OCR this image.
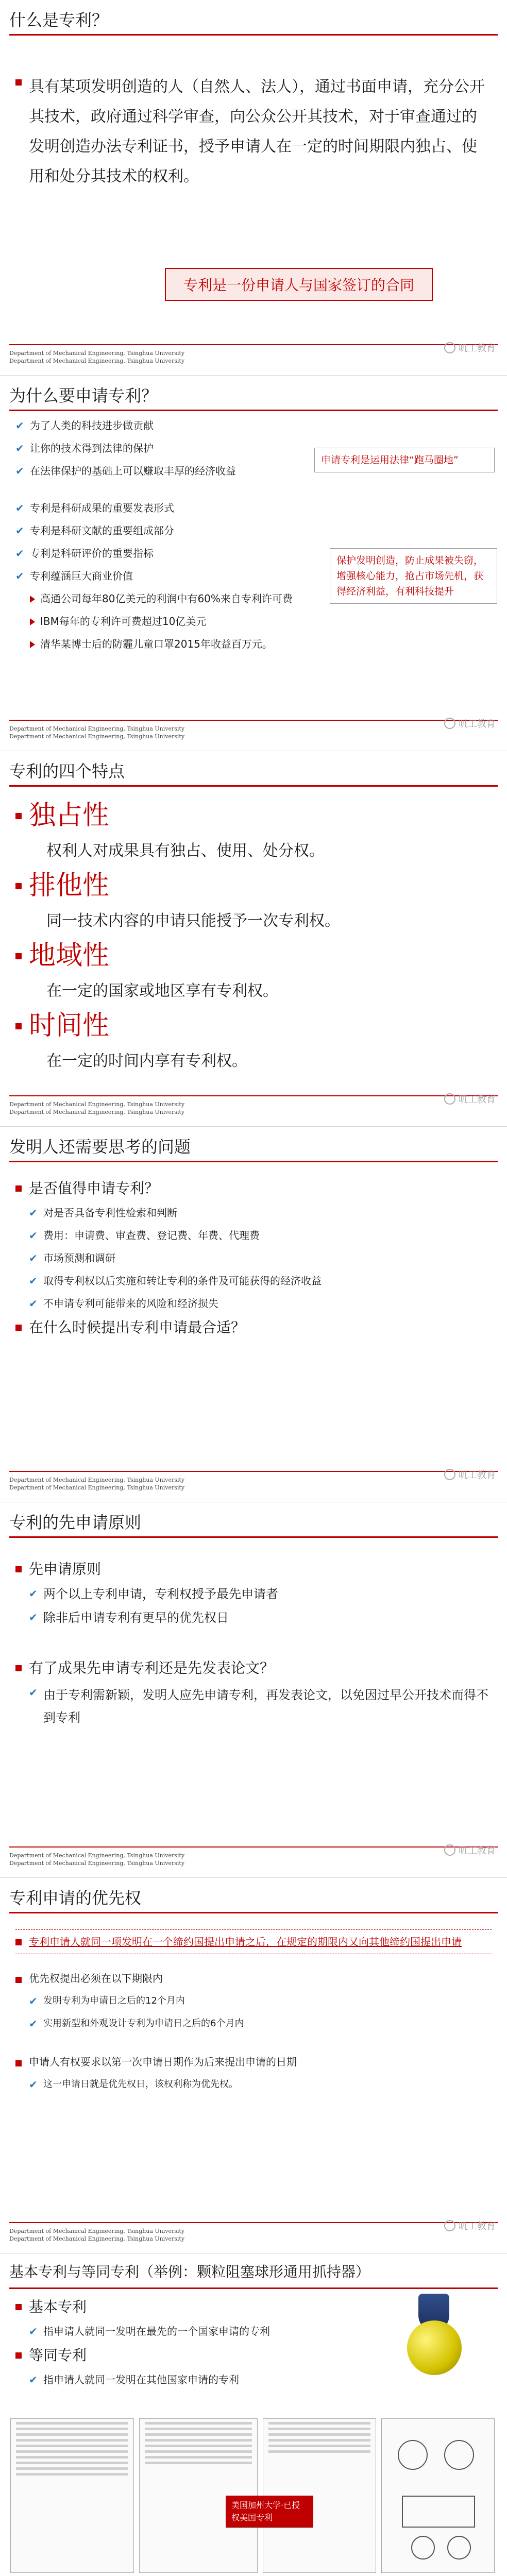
什么是专利？
具有某项发明创造的人（自然人、法人），通过书面申请，充分公开其技术，政府通过科学审查，向公众公开其技术，对于审查通过的发明创造办法专利证书，授予申请人在一定的时间期限内独占、使用和处分其技术的权利。
专利是一份申请人与国家签订的合同
Department of Mechanical Engineering, Tsinghua University
Department of Mechanical Engineering, Tsinghua University
叽工教育
为什么要申请专利？
✔ 为了人类的科技进步做贡献
✔ 让你的技术得到法律的保护
✔ 在法律保护的基础上可以赚取丰厚的经济收益
✔ 专利是科研成果的重要发表形式
✔ 专利是科研文献的重要组成部分
✔ 专利是科研评价的重要指标
✔ 专利蕴涵巨大商业价值
高通公司每年80亿美元的利润中有60%来自专利许可费
IBM每年的专利许可费超过10亿美元
清华某博士后的防霾儿童口罩2015年收益百万元。
申请专利是运用法律“跑马圈地”
保护发明创造，防止成果被失窃，增强核心能力，抢占市场先机，获得经济利益，有利科技提升
Department of Mechanical Engineering, Tsinghua University
Department of Mechanical Engineering, Tsinghua University
叽工教育
专利的四个特点
独占性
权利人对成果具有独占、使用、处分权。
排他性
同一技术内容的申请只能授予一次专利权。
地域性
在一定的国家或地区享有专利权。
时间性
在一定的时间内享有专利权。
Department of Mechanical Engineering, Tsinghua University
Department of Mechanical Engineering, Tsinghua University
叽工教育
发明人还需要思考的问题
是否值得申请专利？
✔ 对是否具备专利性检索和判断
✔ 费用：申请费、审查费、登记费、年费、代理费
✔ 市场预测和调研
✔ 取得专利权以后实施和转让专利的条件及可能获得的经济收益
✔ 不申请专利可能带来的风险和经济损失
在什么时候提出专利申请最合适？
Department of Mechanical Engineering, Tsinghua University
Department of Mechanical Engineering, Tsinghua University
叽工教育
专利的先申请原则
先申请原则
✔ 两个以上专利申请，专利权授予最先申请者
✔ 除非后申请专利有更早的优先权日
有了成果先申请专利还是先发表论文？
✔ 由于专利需新颖，发明人应先申请专利，再发表论文，以免因过早公开技术而得不到专利
Department of Mechanical Engineering, Tsinghua University
Department of Mechanical Engineering, Tsinghua University
叽工教育
专利申请的优先权
专利申请人就同一项发明在一个缔约国提出申请之后，在规定的期限内又向其他缔约国提出申请
优先权提出必须在以下期限内
✔ 发明专利为申请日之后的12个月内
✔ 实用新型和外观设计专利为申请日之后的6个月内
申请人有权要求以第一次申请日期作为后来提出申请的日期
✔ 这一申请日就是优先权日，该权利称为优先权。
Department of Mechanical Engineering, Tsinghua University
Department of Mechanical Engineering, Tsinghua University
叽工教育
基本专利与等同专利（举例：颗粒阻塞球形通用抓持器）
基本专利
✔ 指申请人就同一发明在最先的一个国家申请的专利
等同专利
✔ 指申请人就同一发明在其他国家申请的专利
美国加州大学·已授权美国专利
